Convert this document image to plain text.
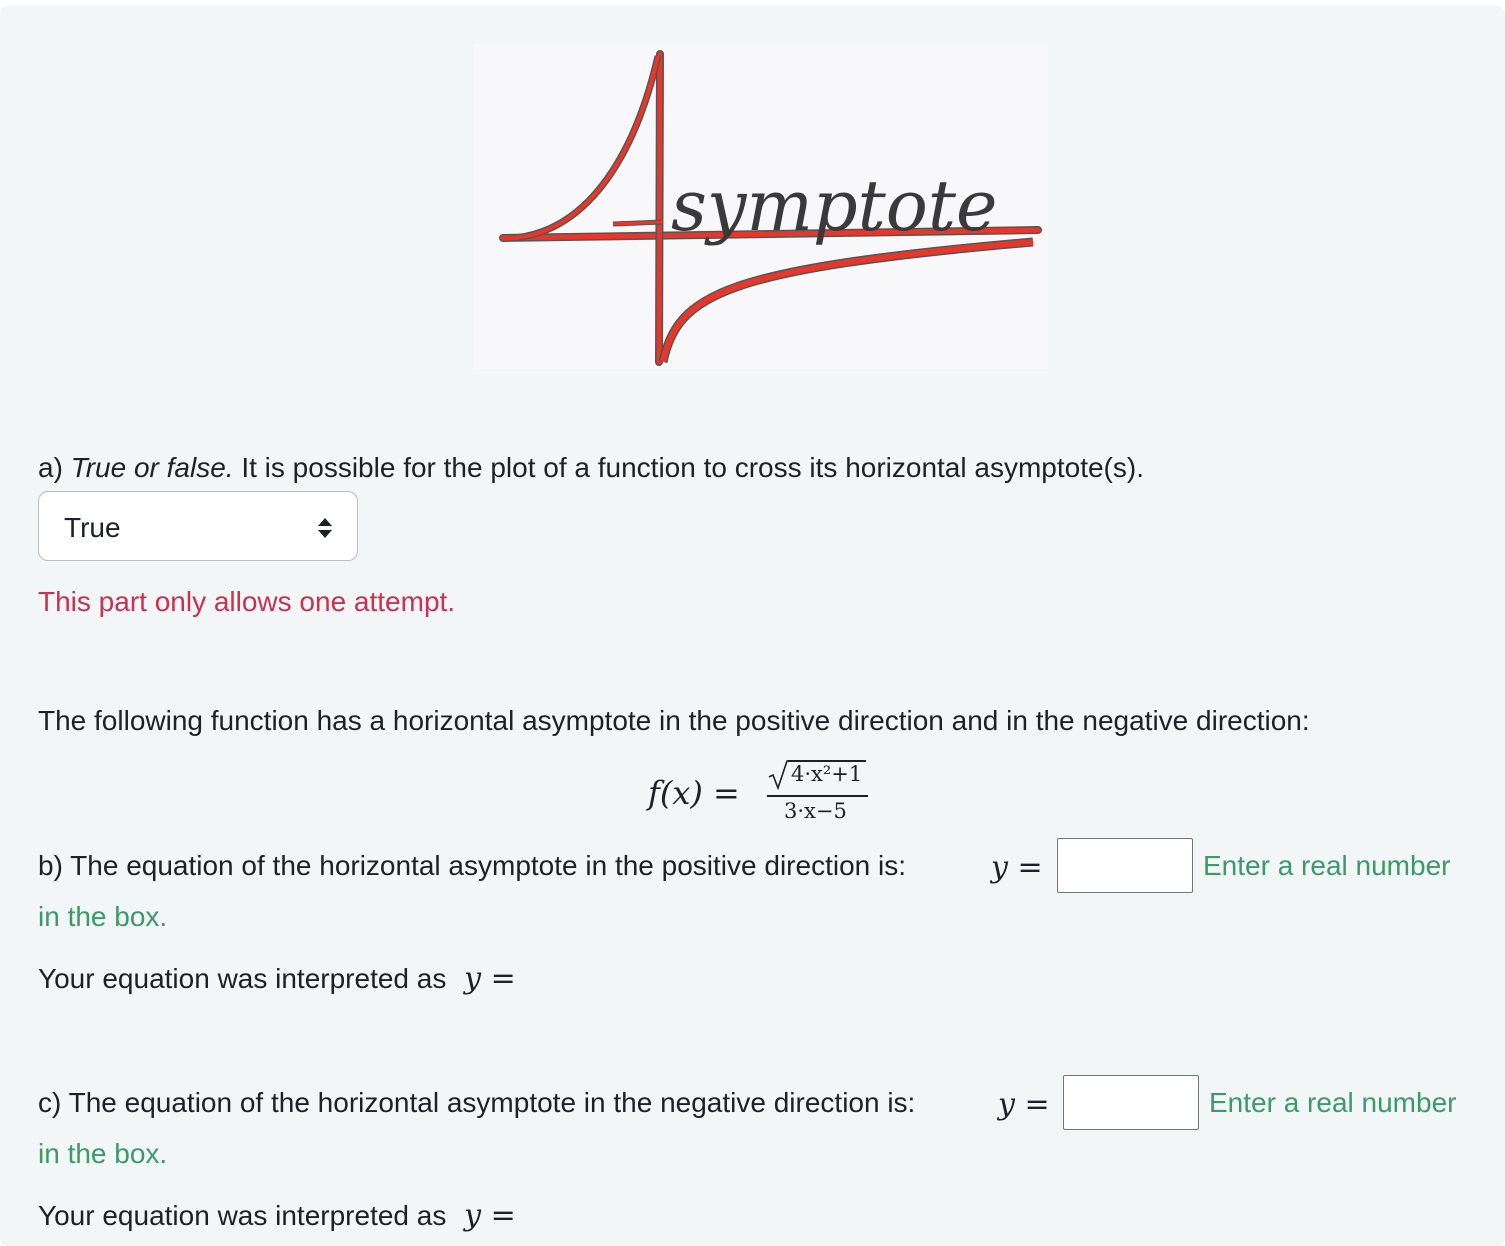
symptote
a) True or false. It is possible for the plot of a function to cross its horizontal asymptote(s).
True
This part only allows one attempt.
The following function has a horizontal asymptote in the positive direction and in the negative direction:
f(x) = 4·x²+1
3·x−5
b) The equation of the horizontal asymptote in the positive direction is:	y =	Enter a real number
in the box.
Your equation was interpreted as y =
c) The equation of the horizontal asymptote in the negative direction is:	y =	Enter a real number
in the box.
Your equation was interpreted as y =
